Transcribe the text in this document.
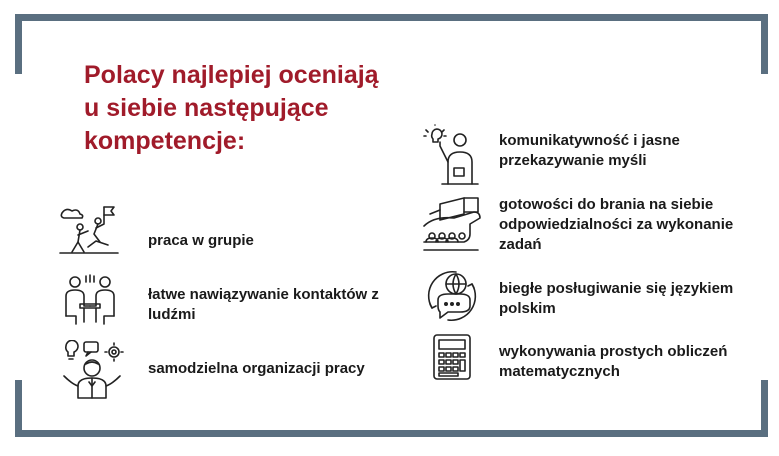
Polacy najlepiej oceniają u siebie następujące kompetencje:
praca w grupie
łatwe nawiązywanie kontaktów z ludźmi
samodzielna organizacji pracy
komunikatywność i jasne przekazywanie myśli
gotowości do brania na siebie odpowiedzialności za wykonanie zadań
biegłe posługiwanie się językiem polskim
wykonywania prostych obliczeń matematycznych
